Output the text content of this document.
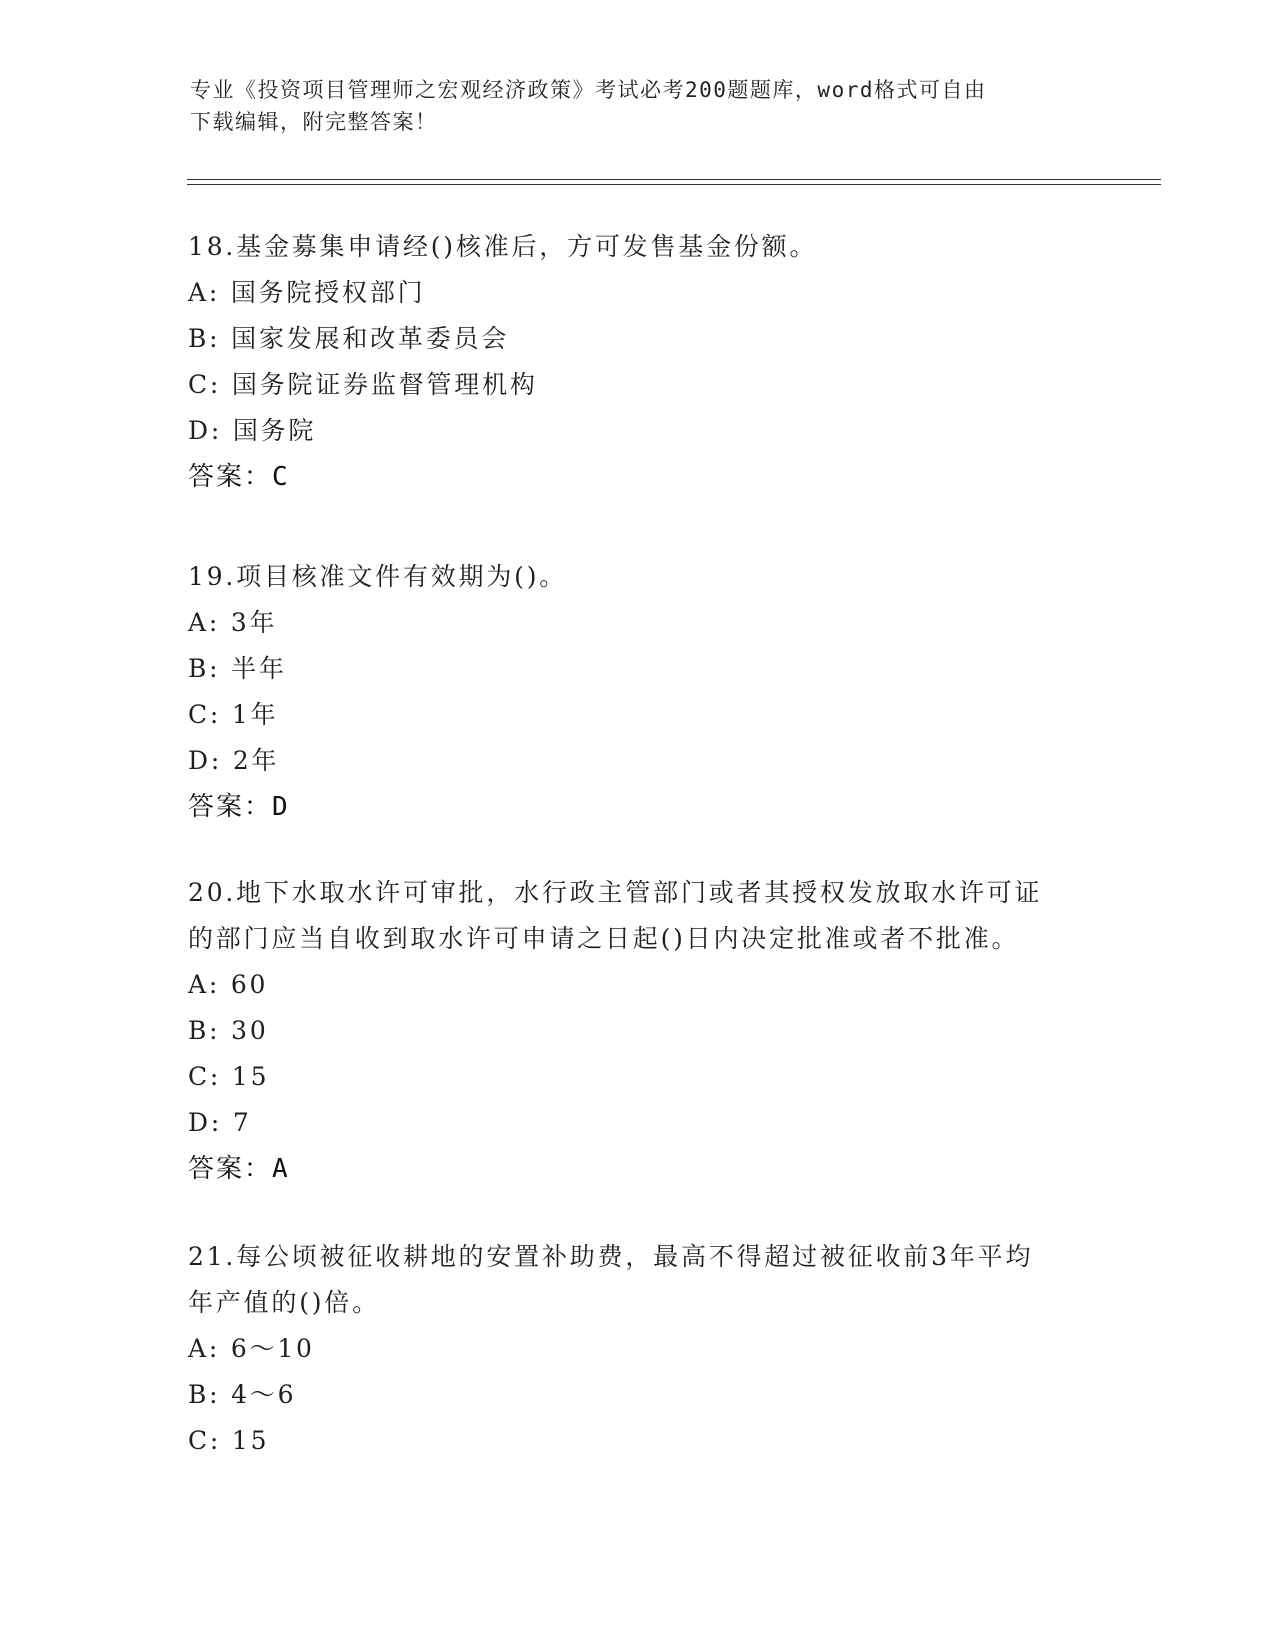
专业《投资项目管理师之宏观经济政策》考试必考200题题库，word格式可自由
下载编辑，附完整答案！
18.基金募集申请经()核准后，方可发售基金份额。
A: 国务院授权部门
B: 国家发展和改革委员会
C: 国务院证券监督管理机构
D: 国务院
答案：C
19.项目核准文件有效期为()。
A: 3年
B: 半年
C: 1年
D: 2年
答案：D
20.地下水取水许可审批，水行政主管部门或者其授权发放取水许可证
的部门应当自收到取水许可申请之日起()日内决定批准或者不批准。
A: 60
B: 30
C: 15
D: 7
答案：A
21.每公顷被征收耕地的安置补助费，最高不得超过被征收前3年平均
年产值的()倍。
A: 6～10
B: 4～6
C: 15
